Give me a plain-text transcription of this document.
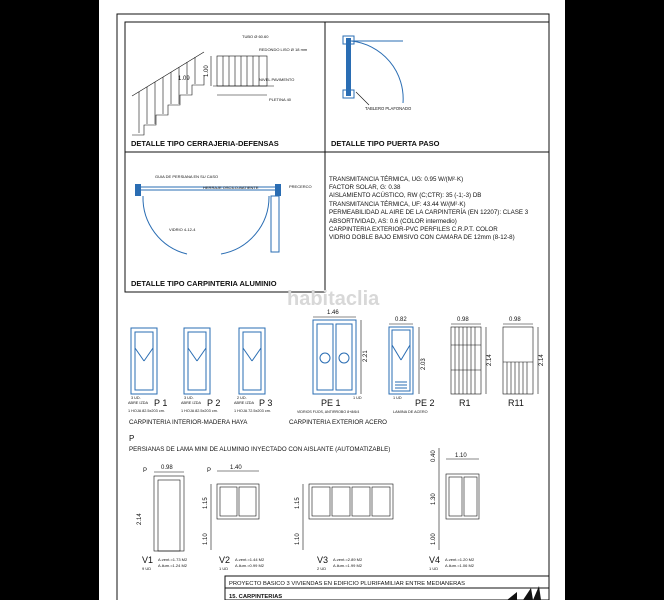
1.09
1.00
TUBO Ø 60.60
REDONDO LISO Ø 18 mm
NIVEL PAVIMENTO
PLETINA 40
DETALLE TIPO CERRAJERIA-DEFENSAS
TABLERO PLAFONADO
DETALLE TIPO PUERTA PASO
GUIA DE PERSIANA EN SU CASO
HERRAJE OSCILO-BATIENTE	PRECERCO
VIDRIO 4-12-4
DETALLE TIPO CARPINTERIA ALUMINIO
TRANSMITANCIA TÉRMICA, UG: 0.95 W/(M²·K)
FACTOR SOLAR, G: 0.38
AISLAMIENTO ACÚSTICO, RW (C;CTR): 35 (-1;-3) DB
TRANSMITANCIA TÉRMICA, UF: 43.44 W/(M²·K)
PERMEABILIDAD AL AIRE DE LA CARPINTERÍA (EN 12207): CLASE 3
ABSORTIVIDAD, AS: 0.6 (COLOR intermedio)
CARPINTERIA EXTERIOR-PVC PERFILES C.R.P.T. COLOR
VIDRIO DOBLE BAJO EMISIVO CON CAMARA DE 12mm (8-12-8)
habitaclia
1.46
2.21
0.82
2.03
0.98
2.14
0.98
2.14
3 UD.
ABRE IZDA P 1
1 HOJA 82.5x203 cm.
3 UD.
ABRE IZDA P 2
1 HOJA 82.5x203 cm.
2 UD.
ABRE IZDA P 3
1 HOJA 72.5x203 cm.
PE 1	1 UD
VIDRIOS FIJOS, ANTIRROBO 8+8/6/4
PE 2
1 UD
LAMINA DE ACERO
R1	R11
CARPINTERIA INTERIOR-MADERA HAYA	CARPINTERIA EXTERIOR ACERO
P
PERSIANAS DE LAMA MINI DE ALUMINIO INYECTADO CON AISLANTE (AUTOMATIZABLE)
P 0.98
2.14
P	1.40
1.15
1.10
1.15
1.10
1.10
0.40
1.30
1.00
V1
9 UD
A.vent.=1.73 M2
A.ilum.=1.24 M2
V2
1 UD
A.vent.=1.44 M2
A.ilum.=0.99 M2
V3
2 UD
A.vent.=2.89 M2
A.ilum.=1.99 M2
V4
1 UD
A.vent.=1.20 M2
A.ilum.=1.06 M2
PROYECTO BASICO 3 VIVIENDAS EN EDIFICIO PLURIFAMILIAR ENTRE MEDIANERAS
15. CARPINTERIAS
